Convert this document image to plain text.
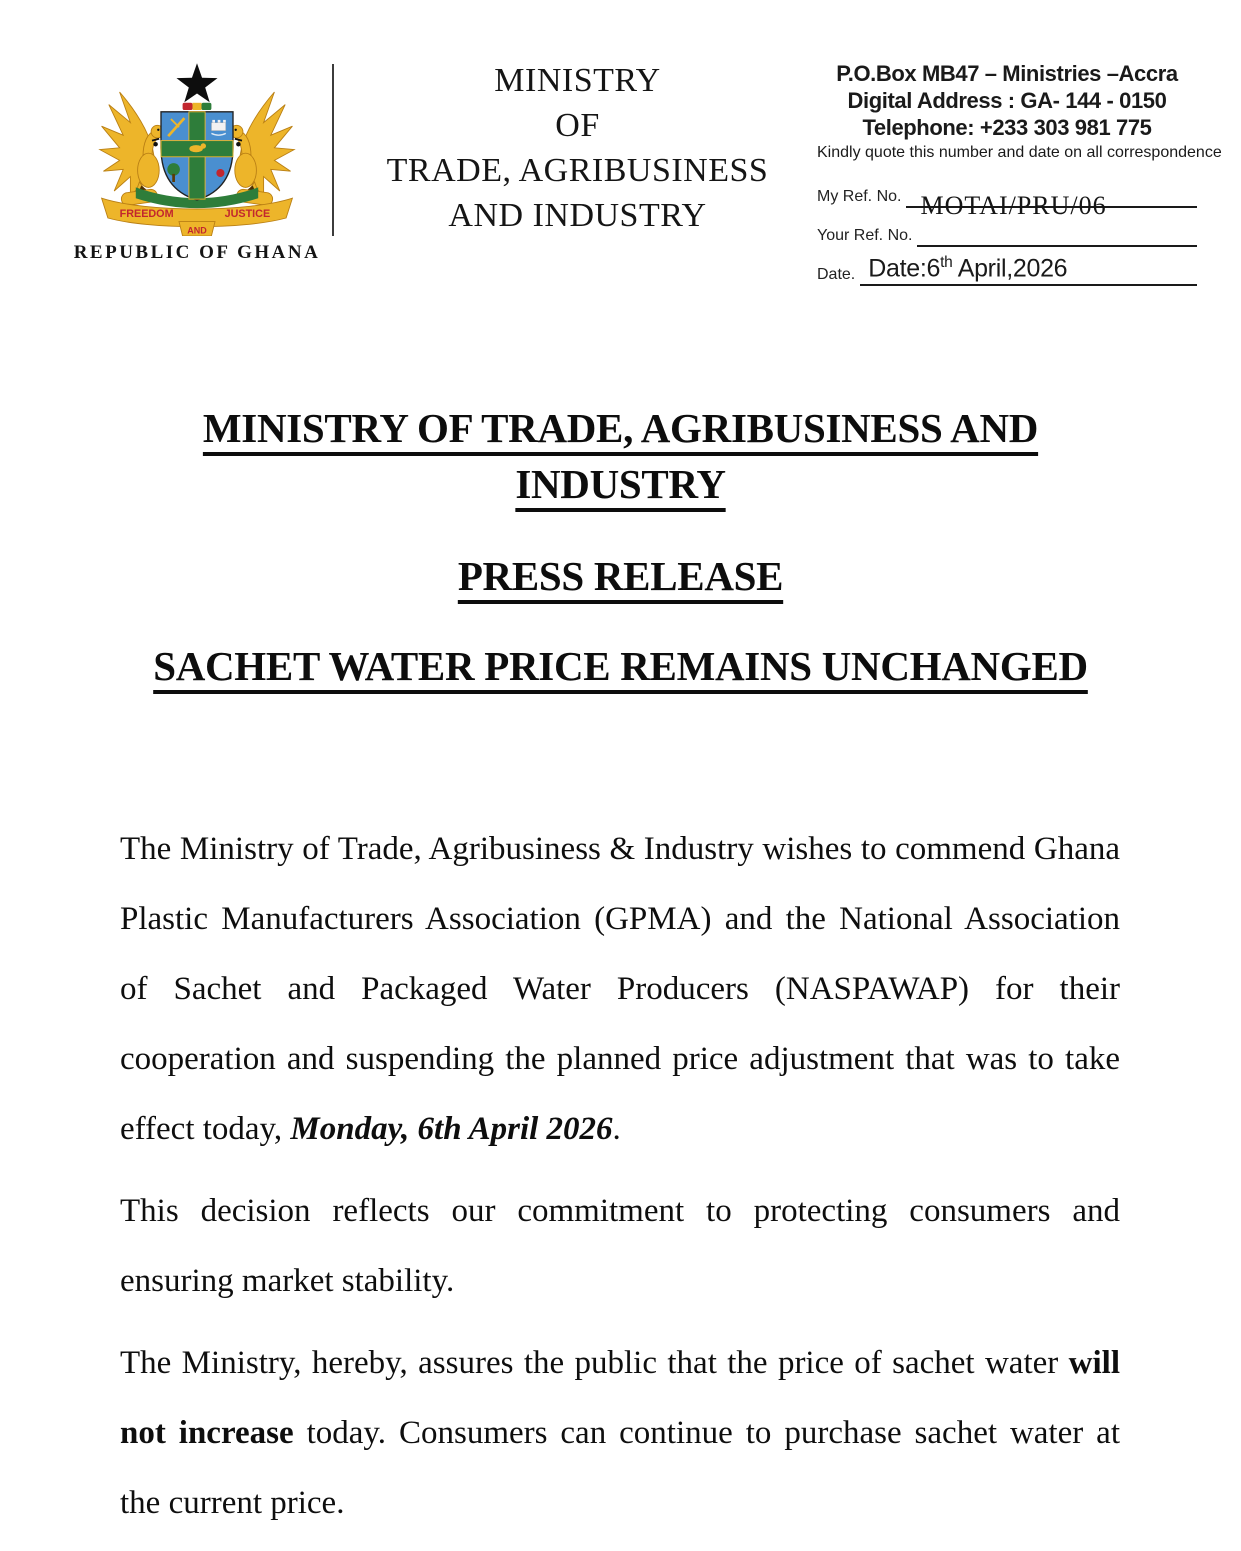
FREEDOM	JUSTICE
AND
REPUBLIC OF GHANA
MINISTRY
OF
TRADE, AGRIBUSINESS
AND INDUSTRY
P.O.Box MB47 – Ministries –Accra
Digital Address : GA- 144 - 0150
Telephone: +233 303 981 775
Kindly quote this number and date on all correspondence
My Ref. No. MOTAI/PRU/06
Your Ref. No.
Date. Date:6th April,2026
MINISTRY OF TRADE, AGRIBUSINESS AND
INDUSTRY
PRESS RELEASE
SACHET WATER PRICE REMAINS UNCHANGED

The Ministry of Trade, Agribusiness & Industry wishes to commend Ghana Plastic Manufacturers Association (GPMA) and the National Association of Sachet and Packaged Water Producers (NASPAWAP) for their cooperation and suspending the planned price adjustment that was to take effect today, Monday, 6th April 2026.

This decision reflects our commitment to protecting consumers and ensuring market stability.

The Ministry, hereby, assures the public that the price of sachet water will not increase today. Consumers can continue to purchase sachet water at the current price.
